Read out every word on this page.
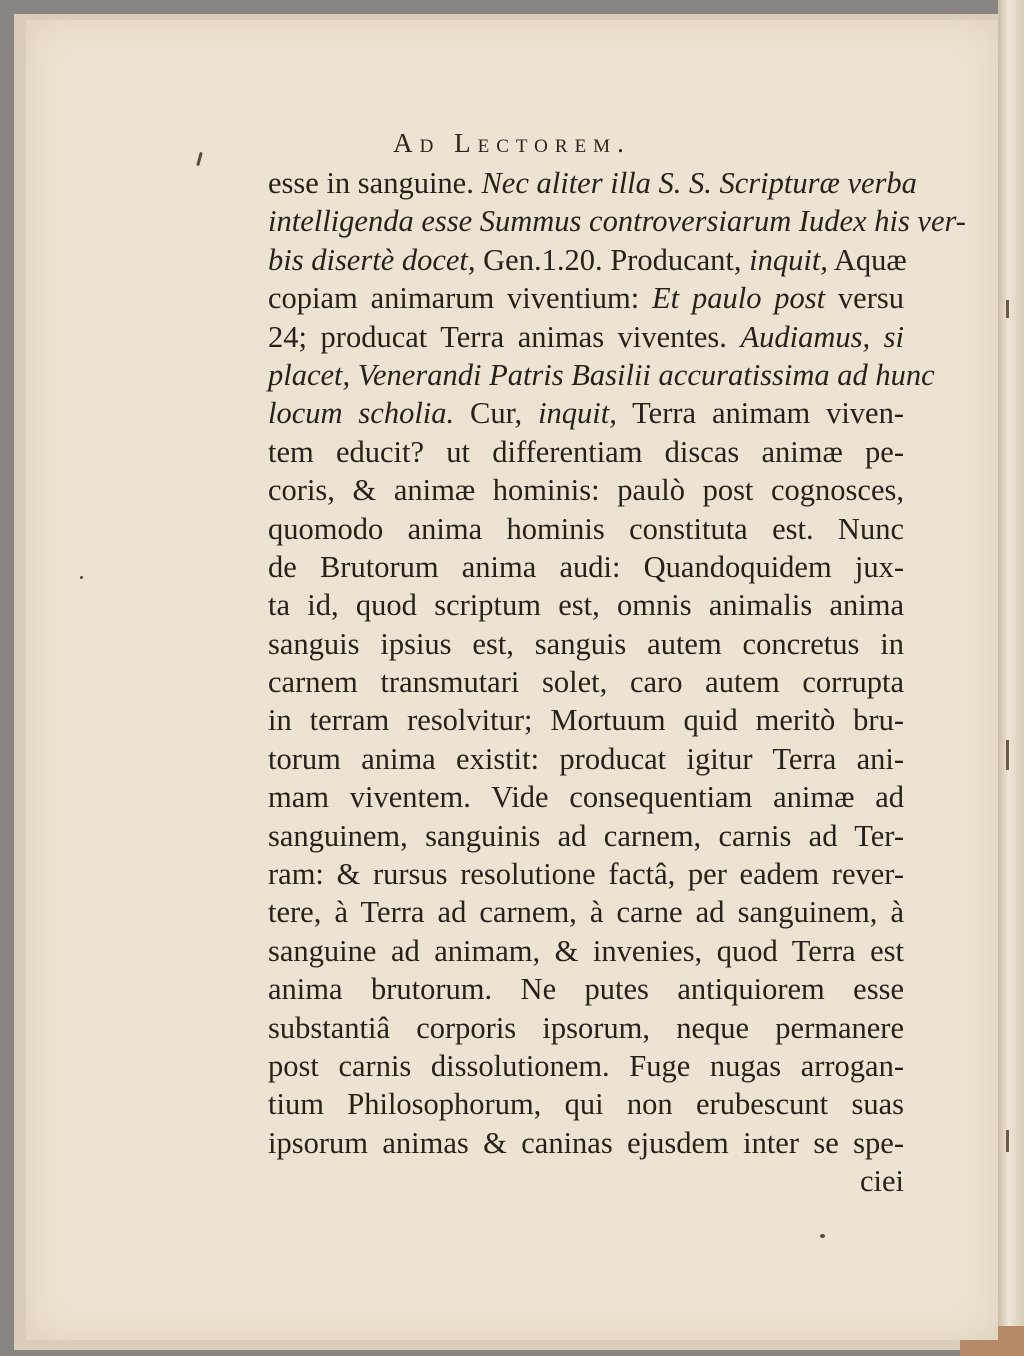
Ad Lectorem.
esse in sanguine. Nec aliter illa S. S. Scripturæ verba
intelligenda esse Summus controversiarum Iudex his ver-
bis disertè docet, Gen.1.20. Producant, inquit, Aquæ
copiam animarum viventium: Et paulo post versu
24; producat Terra animas viventes. Audiamus, si
placet, Venerandi Patris Basilii accuratissima ad hunc
locum scholia. Cur, inquit, Terra animam viven-
tem educit? ut differentiam discas animæ pe-
coris, & animæ hominis: paulò post cognosces,
quomodo anima hominis constituta est. Nunc
de Brutorum anima audi: Quandoquidem jux-
ta id, quod scriptum est, omnis animalis anima
sanguis ipsius est, sanguis autem concretus in
carnem transmutari solet, caro autem corrupta
in terram resolvitur; Mortuum quid meritò bru-
torum anima existit: producat igitur Terra ani-
mam viventem. Vide consequentiam animæ ad
sanguinem, sanguinis ad carnem, carnis ad Ter-
ram: & rursus resolutione factâ, per eadem rever-
tere, à Terra ad carnem, à carne ad sanguinem, à
sanguine ad animam, & invenies, quod Terra est
anima brutorum. Ne putes antiquiorem esse
substantiâ corporis ipsorum, neque permanere
post carnis dissolutionem. Fuge nugas arrogan-
tium Philosophorum, qui non erubescunt suas
ipsorum animas & caninas ejusdem inter se spe-
ciei
